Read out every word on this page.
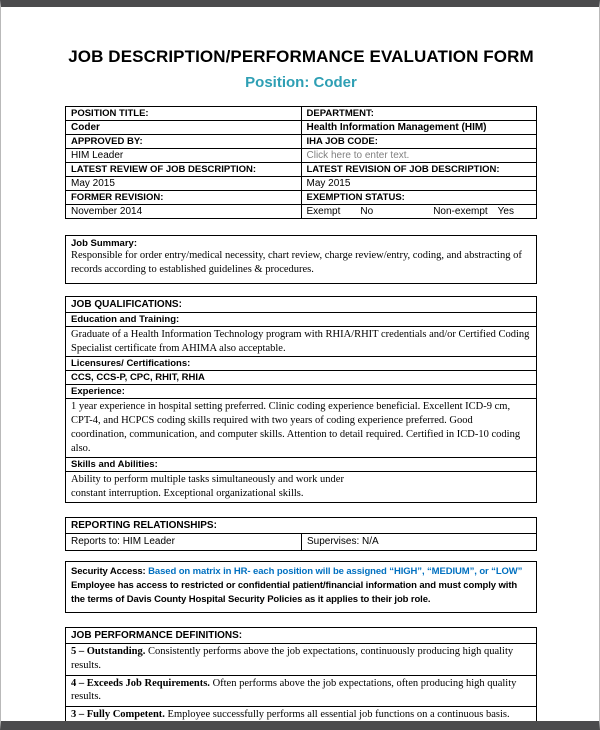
JOB DESCRIPTION/PERFORMANCE EVALUATION FORM
Position: Coder
POSITION TITLE:	DEPARTMENT:
Coder	Health Information Management (HIM)
APPROVED BY:	IHA JOB CODE:
HIM Leader	Click here to enter text.
LATEST REVIEW OF JOB DESCRIPTION:	LATEST REVISION OF JOB DESCRIPTION:
May 2015	May 2015
FORMER REVISION:	EXEMPTION STATUS:
November 2014	Exempt No Non-exempt Yes
Job Summary:
Responsible for order entry/medical necessity, chart review, charge review/entry, coding, and abstracting of records according to established guidelines & procedures.
JOB QUALIFICATIONS:
Education and Training:
Graduate of a Health Information Technology program with RHIA/RHIT credentials and/or Certified Coding Specialist certificate from AHIMA also acceptable.
Licensures/ Certifications:
CCS, CCS-P, CPC, RHIT, RHIA
Experience:
1 year experience in hospital setting preferred. Clinic coding experience beneficial. Excellent ICD-9 cm, CPT-4, and HCPCS coding skills required with two years of coding experience preferred. Good coordination, communication, and computer skills. Attention to detail required. Certified in ICD-10 coding also.
Skills and Abilities:
Ability to perform multiple tasks simultaneously and work under
constant interruption. Exceptional organizational skills.
REPORTING RELATIONSHIPS:
Reports to: HIM Leader	Supervises: N/A

Security Access: Based on matrix in HR- each position will be assigned “HIGH”, “MEDIUM”, or “LOW” Employee has access to restricted or confidential patient/financial information and must comply with the terms of Davis County Hospital Security Policies as it applies to their job role.

JOB PERFORMANCE DEFINITIONS:
5 – Outstanding. Consistently performs above the job expectations, continuously producing high quality results.
4 – Exceeds Job Requirements. Often performs above the job expectations, often producing high quality results.
3 – Fully Competent. Employee successfully performs all essential job functions on a continuous basis.
